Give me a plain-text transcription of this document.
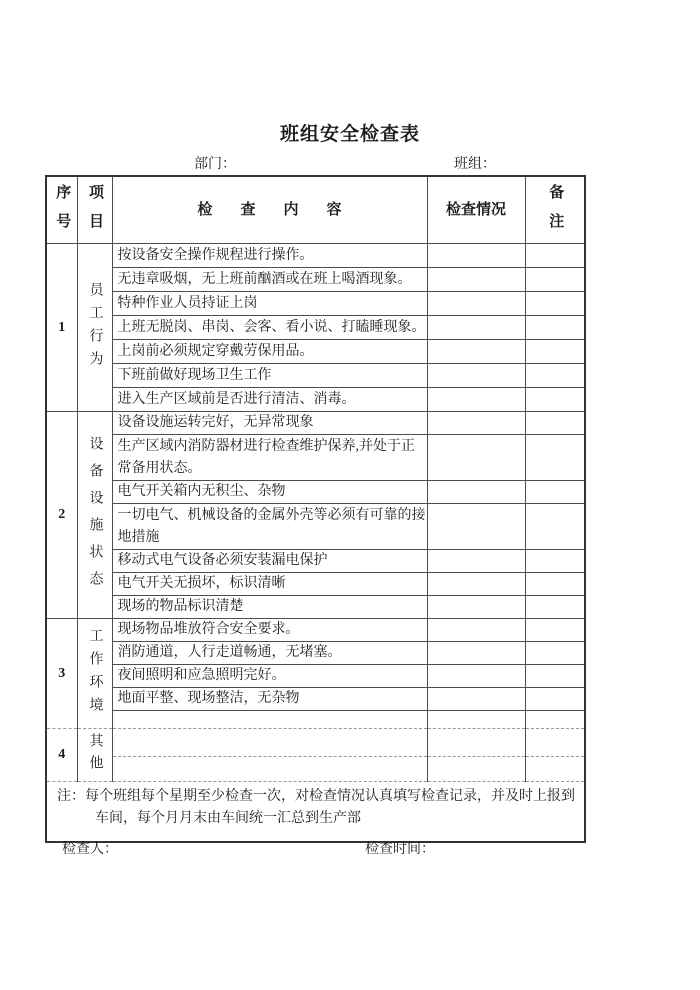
班组安全检查表
部门：	班组：
序号	项目	检查内容	检查情况	备注
1	员工行为	按设备安全操作规程进行操作。		
		无违章吸烟，无上班前酗酒或在班上喝酒现象。		
		特种作业人员持证上岗		
		上班无脱岗、串岗、会客、看小说、打瞌睡现象。		
		上岗前必须规定穿戴劳保用品。		
		下班前做好现场卫生工作		
		进入生产区域前是否进行清洁、消毒。		
2	设备设施状态	设备设施运转完好，无异常现象		
		生产区域内消防器材进行检查维护保养,并处于正常备用状态。		
		电气开关箱内无积尘、杂物		
		一切电气、机械设备的金属外壳等必须有可靠的接地措施		
		移动式电气设备必须安装漏电保护		
		电气开关无损坏，标识清晰		
		现场的物品标识清楚		
3	工作环境	现场物品堆放符合安全要求。		
		消防通道，人行走道畅通，无堵塞。		
		夜间照明和应急照明完好。		
		地面平整、现场整洁，无杂物		

4	其他			

注：每个班组每个星期至少检查一次，对检查情况认真填写检查记录，并及时上报到车间，每个月月末由车间统一汇总到生产部				
检查人：	检查时间：
